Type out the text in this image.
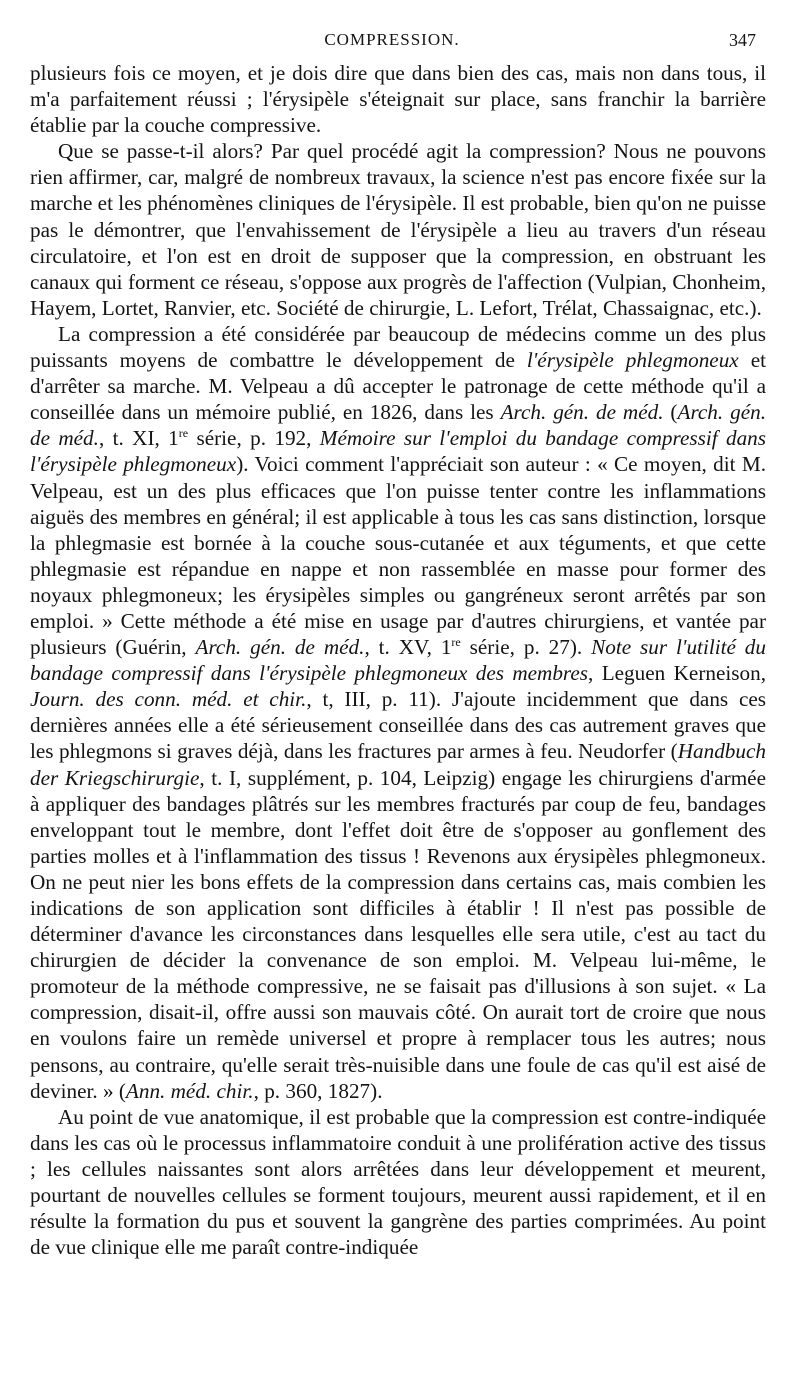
COMPRESSION.	347

plusieurs fois ce moyen, et je dois dire que dans bien des cas, mais non dans tous, il m'a parfaitement réussi ; l'érysipèle s'éteignait sur place, sans franchir la barrière établie par la couche compressive.

Que se passe-t-il alors? Par quel procédé agit la compression? Nous ne pouvons rien affirmer, car, malgré de nombreux travaux, la science n'est pas encore fixée sur la marche et les phénomènes cliniques de l'érysipèle. Il est probable, bien qu'on ne puisse pas le démontrer, que l'envahissement de l'érysipèle a lieu au travers d'un réseau circulatoire, et l'on est en droit de supposer que la compression, en obstruant les canaux qui forment ce réseau, s'oppose aux progrès de l'affection (Vulpian, Chonheim, Hayem, Lortet, Ranvier, etc. Société de chirurgie, L. Lefort, Trélat, Chassaignac, etc.).

La compression a été considérée par beaucoup de médecins comme un des plus puissants moyens de combattre le développement de l'érysipèle phlegmoneux et d'arrêter sa marche. M. Velpeau a dû accepter le patronage de cette méthode qu'il a conseillée dans un mémoire publié, en 1826, dans les Arch. gén. de méd. (Arch. gén. de méd., t. XI, 1re série, p. 192, Mémoire sur l'emploi du bandage compressif dans l'érysipèle phlegmoneux). Voici comment l'appréciait son auteur : « Ce moyen, dit M. Velpeau, est un des plus efficaces que l'on puisse tenter contre les inflammations aiguës des membres en général; il est applicable à tous les cas sans distinction, lorsque la phlegmasie est bornée à la couche sous-cutanée et aux téguments, et que cette phlegmasie est répandue en nappe et non rassemblée en masse pour former des noyaux phlegmoneux; les érysipèles simples ou gangréneux seront arrêtés par son emploi. » Cette méthode a été mise en usage par d'autres chirurgiens, et vantée par plusieurs (Guérin, Arch. gén. de méd., t. XV, 1re série, p. 27). Note sur l'utilité du bandage compressif dans l'érysipèle phlegmoneux des membres, Leguen Kerneison, Journ. des conn. méd. et chir., t, III, p. 11). J'ajoute incidemment que dans ces dernières années elle a été sérieusement conseillée dans des cas autrement graves que les phlegmons si graves déjà, dans les fractures par armes à feu. Neudorfer (Handbuch der Kriegschirurgie, t. I, supplément, p. 104, Leipzig) engage les chirurgiens d'armée à appliquer des bandages plâtrés sur les membres fracturés par coup de feu, bandages enveloppant tout le membre, dont l'effet doit être de s'opposer au gonflement des parties molles et à l'inflammation des tissus ! Revenons aux érysipèles phlegmoneux. On ne peut nier les bons effets de la compression dans certains cas, mais combien les indications de son application sont difficiles à établir ! Il n'est pas possible de déterminer d'avance les circonstances dans lesquelles elle sera utile, c'est au tact du chirurgien de décider la convenance de son emploi. M. Velpeau lui-même, le promoteur de la méthode compressive, ne se faisait pas d'illusions à son sujet. « La compression, disait-il, offre aussi son mauvais côté. On aurait tort de croire que nous en voulons faire un remède universel et propre à remplacer tous les autres; nous pensons, au contraire, qu'elle serait très-nuisible dans une foule de cas qu'il est aisé de deviner. » (Ann. méd. chir., p. 360, 1827).

Au point de vue anatomique, il est probable que la compression est contre-indiquée dans les cas où le processus inflammatoire conduit à une prolifération active des tissus ; les cellules naissantes sont alors arrêtées dans leur développement et meurent, pourtant de nouvelles cellules se forment toujours, meurent aussi rapidement, et il en résulte la formation du pus et souvent la gangrène des parties comprimées. Au point de vue clinique elle me paraît contre-indiquée
